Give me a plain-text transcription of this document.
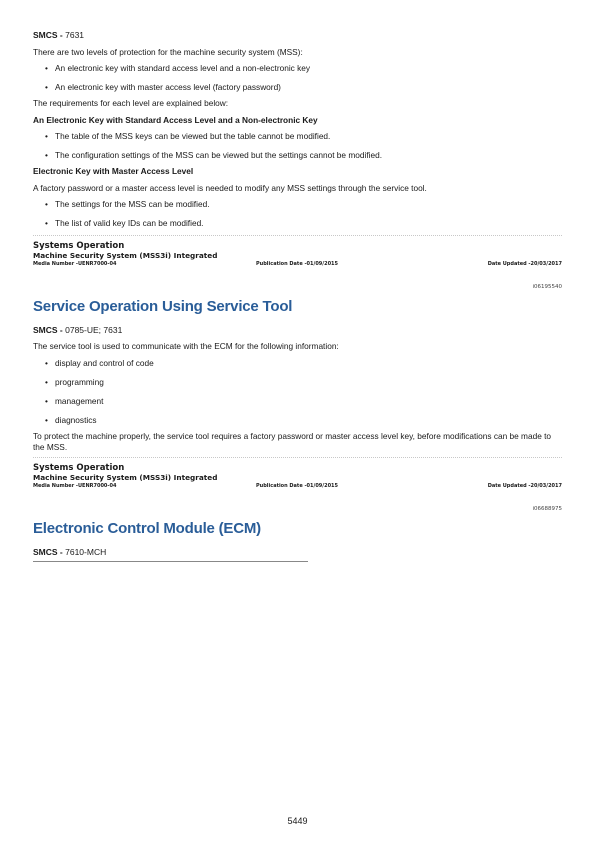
SMCS - 7631

There are two levels of protection for the machine security system (MSS):

• An electronic key with standard access level and a non-electronic key
• An electronic key with master access level (factory password)

The requirements for each level are explained below:

An Electronic Key with Standard Access Level and a Non-electronic Key

• The table of the MSS keys can be viewed but the table cannot be modified.
• The configuration settings of the MSS can be viewed but the settings cannot be modified.

Electronic Key with Master Access Level

A factory password or a master access level is needed to modify any MSS settings through the service tool.

• The settings for the MSS can be modified.
• The list of valid key IDs can be modified.

Systems Operation

Machine Security System (MSS3i) Integrated

Media Number -UENR7000-04	Publication Date -01/09/2015	Date Updated -20/03/2017

i06195540

Service Operation Using Service Tool

SMCS - 0785-UE; 7631

The service tool is used to communicate with the ECM for the following information:

• display and control of code
• programming
• management
• diagnostics

To protect the machine properly, the service tool requires a factory password or master access level key, before modifications can be made to the MSS.

Systems Operation

Machine Security System (MSS3i) Integrated

Media Number -UENR7000-04	Publication Date -01/09/2015	Date Updated -20/03/2017

i06688975

Electronic Control Module (ECM)

SMCS - 7610-MCH

5449
